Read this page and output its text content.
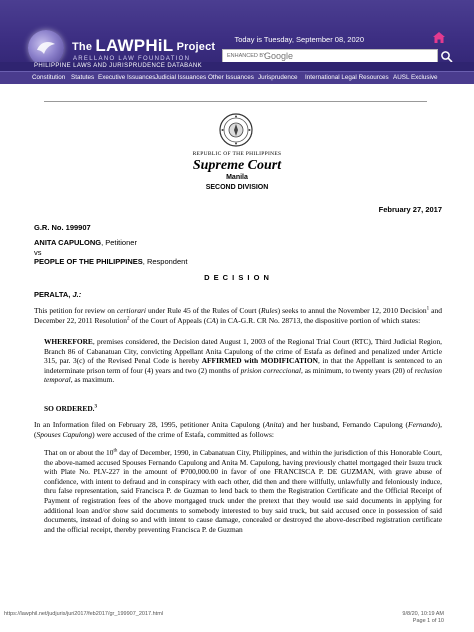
The LAWPHiL Project
ARELLANO LAW FOUNDATION
Today is Tuesday, September 08, 2020
ENHANCED BY
Google
PHILIPPINE LAWS AND JURISPRUDENCE DATABANK
Constitution Statutes Executive Issuances Judicial Issuances Other Issuances Jurisprudence International Legal Resources AUSL Exclusive
REPUBLIC OF THE PHILIPPINES
Supreme Court
Manila
SECOND DIVISION
February 27, 2017
G.R. No. 199907
ANITA CAPULONG, Petitioner
vs
PEOPLE OF THE PHILIPPINES, Respondent
D E C I S I O N
PERALTA, J.:
This petition for review on certiorari under Rule 45 of the Rules of Court (Rules) seeks to annul the November 12, 2010 Decision$^1$ and December 22, 2011 Resolution$^2$ of the Court of Appeals (CA) in CA-G.R. CR No. 28713, the dispositive portion of which states:
WHEREFORE, premises considered, the Decision dated August 1, 2003 of the Regional Trial Court (RTC), Third Judicial Region, Branch 86 of Cabanatuan City, convicting Appellant Anita Capulong of the crime of Estafa as defined and penalized under Article 315, par. 3(c) of the Revised Penal Code is hereby AFFIRMED with MODIFICATION, in that the Appellant is sentenced to an indeterminate prison term of four (4) years and two (2) months of prision correccional, as minimum, to twenty years (20) of reclusion temporal, as maximum.
SO ORDERED.$^3$
In an Information filed on February 28, 1995, petitioner Anita Capulong (Anita) and her husband, Fernando Capulong (Fernando), (Spouses Capulong) were accused of the crime of Estafa, committed as follows:
That on or about the 10th day of December, 1990, in Cabanatuan City, Philippines, and within the jurisdiction of this Honorable Court, the above-named accused Spouses Fernando Capulong and Anita M. Capulong, having previously chattel mortgaged their Isuzu truck with Plate No. PLV-227 in the amount of ₱700,000.00 in favor of one FRANCISCA P. DE GUZMAN, with grave abuse of confidence, with intent to defraud and in conspiracy with each other, did then and there willfully, unlawfully and feloniously induce, thru false representation, said Francisca P. de Guzman to lend back to them the Registration Certificate and the Official Receipt of Payment of registration fees of the above mortgaged truck under the pretext that they would use said documents in applying for additional loan and/or show said documents to somebody interested to buy said truck, but said accused once in possession of said documents, instead of doing so and with intent to cause damage, concealed or destroyed the above-described registration certificate and the official receipt, thereby preventing Francisca P. de Guzman
https://lawphil.net/judjuris/juri2017/feb2017/gr_199907_2017.html	9/8/20, 10:19 AM
Page 1 of 10
